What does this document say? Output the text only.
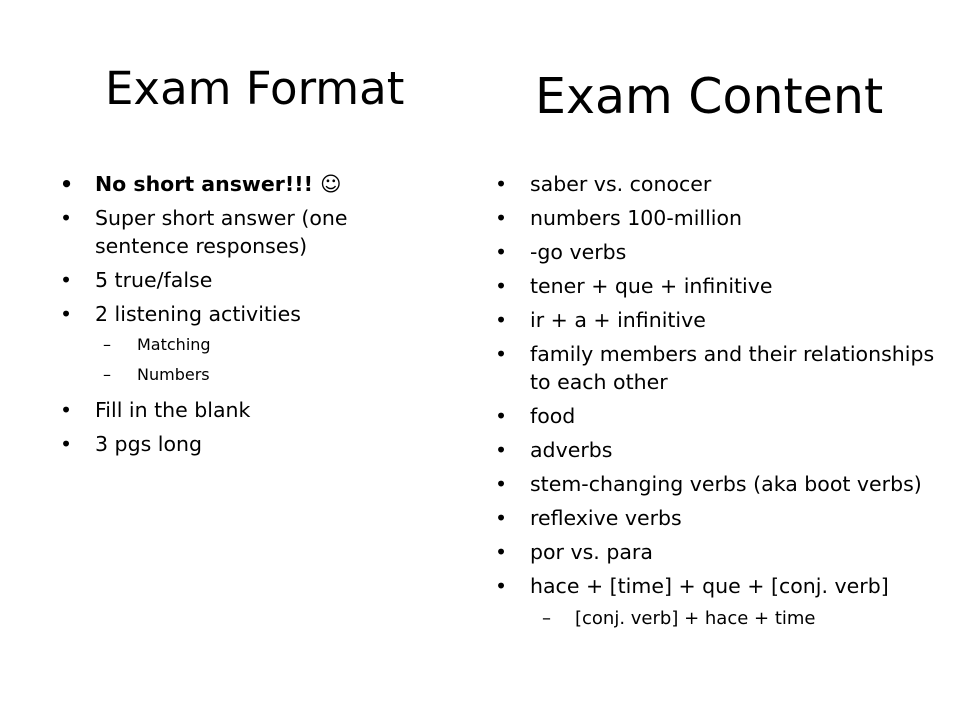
Exam Format	Exam Content
• No short answer!!! ☺
• Super short answer (one sentence responses)
• 5 true/false
• 2 listening activities
– Matching
– Numbers
• Fill in the blank
• 3 pgs long
• saber vs. conocer
• numbers 100-million
• -go verbs
• tener + que + infinitive
• ir + a + infinitive
• family members and their relationships to each other
• food
• adverbs
• stem-changing verbs (aka boot verbs)
• reflexive verbs
• por vs. para
• hace + [time] + que + [conj. verb]
– [conj. verb] + hace + time
